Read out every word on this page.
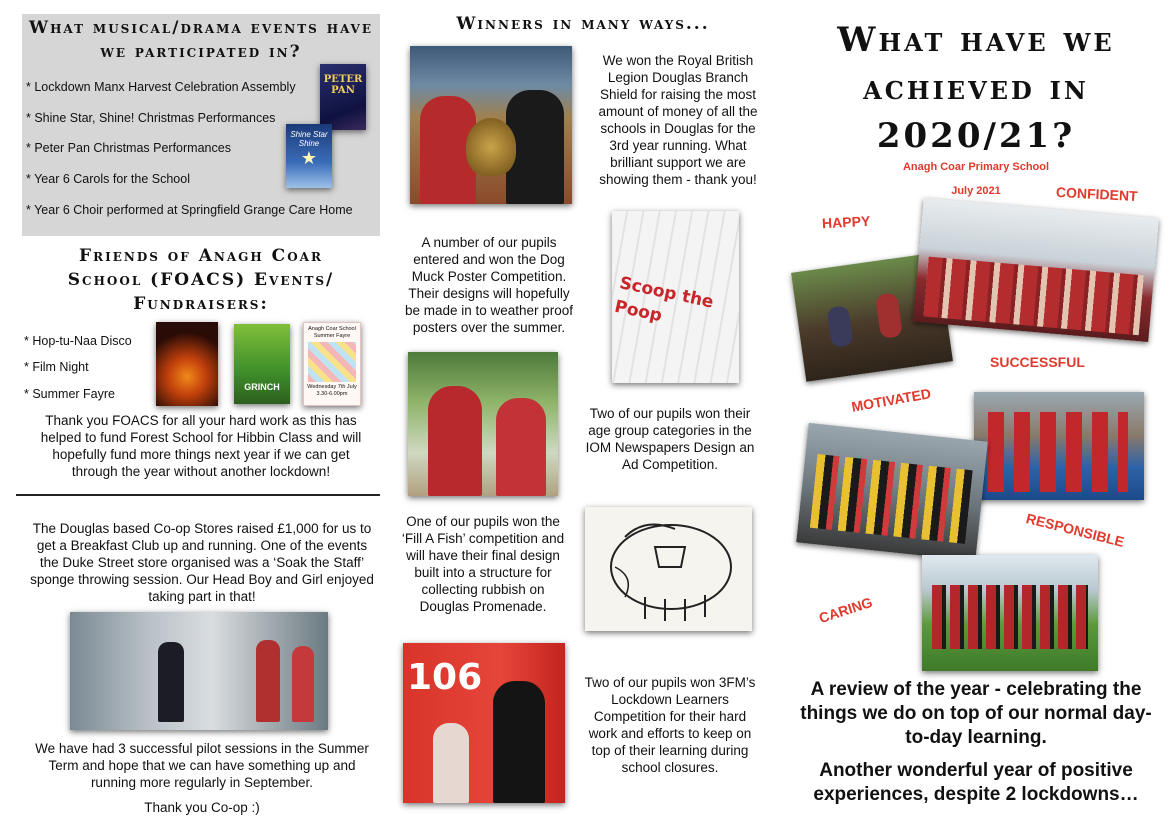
What musical/drama events have we participated in?
* Lockdown Manx Harvest Celebration Assembly
* Shine Star, Shine! Christmas Performances
* Peter Pan Christmas Performances
* Year 6 Carols for the School
* Year 6 Choir performed at Springfield Grange Care Home
PETER PAN
Shine Star Shine
★
Friends of Anagh Coar School (FOACS) Events/ Fundraisers:
* Hop-tu-Naa Disco
* Film Night
* Summer Fayre	GRINCH
Anagh Coar School Summer Fayre
Wednesday 7th July 3.30-6.00pm
Thank you FOACS for all your hard work as this has helped to fund Forest School for Hibbin Class and will hopefully fund more things next year if we can get through the year without another lockdown!
The Douglas based Co-op Stores raised £1,000 for us to get a Breakfast Club up and running. One of the events the Duke Street store organised was a ‘Soak the Staff’ sponge throwing session. Our Head Boy and Girl enjoyed taking part in that!
We have had 3 successful pilot sessions in the Summer Term and hope that we can have something up and running more regularly in September.
Thank you Co-op :)
Winners in many ways...
We won the Royal British Legion Douglas Branch Shield for raising the most amount of money of all the schools in Douglas for the 3rd year running. What brilliant support we are showing them - thank you!
A number of our pupils entered and won the Dog Muck Poster Competition. Their designs will hopefully be made in to weather proof posters over the summer.
Scoop the Poop
Two of our pupils won their age group categories in the IOM Newspapers Design an Ad Competition.
One of our pupils won the ‘Fill A Fish’ competition and will have their final design built into a structure for collecting rubbish on Douglas Promenade.
106	Two of our pupils won 3FM’s Lockdown Learners Competition for their hard work and efforts to keep on top of their learning during school closures.
What have we achieved in 2020/21?
Anagh Coar Primary School
July 2021
HAPPY
CONFIDENT
SUCCESSFUL
MOTIVATED
RESPONSIBLE
CARING
A review of the year - celebrating the things we do on top of our normal day-to-day learning.
Another wonderful year of positive experiences, despite 2 lockdowns…
